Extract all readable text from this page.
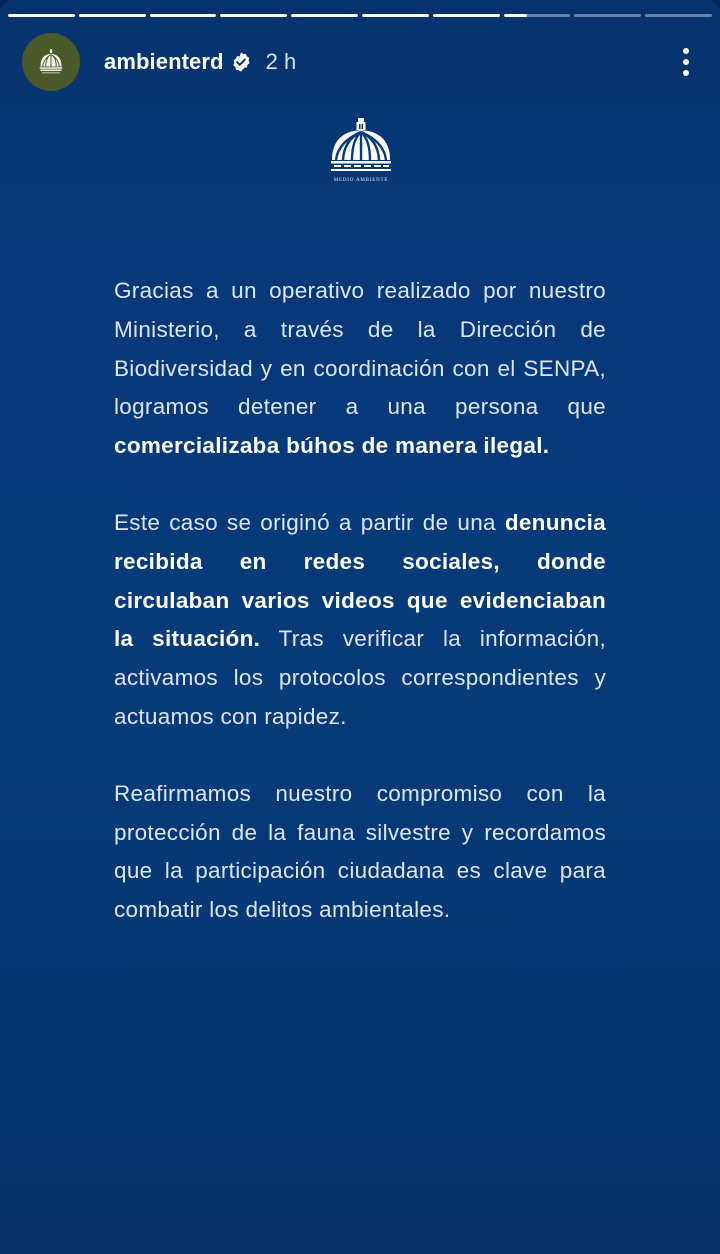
ambienterd 2 h
MEDIO AMBIENTE

Gracias a un operativo realizado por nuestro Ministerio, a través de la Dirección de Biodiversidad y en coordinación con el SENPA, logramos detener a una persona que comercializaba búhos de manera ilegal.

Este caso se originó a partir de una denuncia recibida en redes sociales, donde circulaban varios videos que evidenciaban la situación. Tras verificar la información, activamos los protocolos correspondientes y actuamos con rapidez.

Reafirmamos nuestro compromiso con la protección de la fauna silvestre y recordamos que la participación ciudadana es clave para combatir los delitos ambientales.
